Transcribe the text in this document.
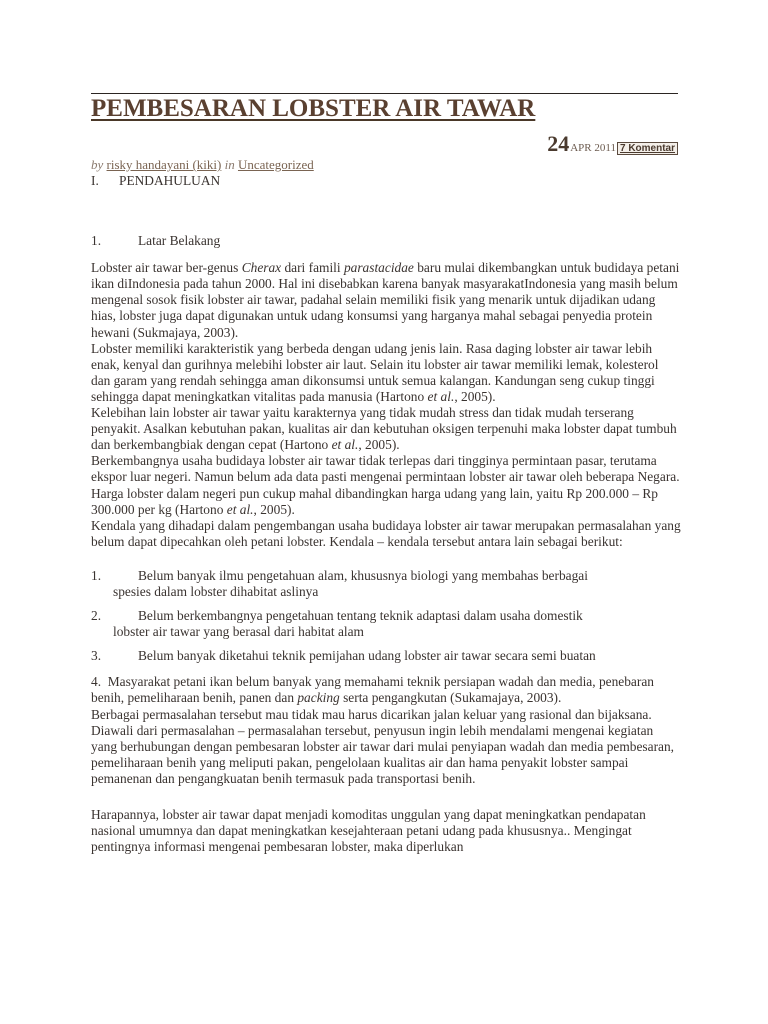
PEMBESARAN LOBSTER AIR TAWAR
24 APR 2011 7 Komentar
by risky handayani (kiki) in Uncategorized
I.	PENDAHULUAN
1.	Latar Belakang

Lobster air tawar ber-genus Cherax dari famili parastacidae baru mulai dikembangkan untuk budidaya petani ikan diIndonesia pada tahun 2000. Hal ini disebabkan karena banyak masyarakatIndonesia yang masih belum mengenal sosok fisik lobster air tawar, padahal selain memiliki fisik yang menarik untuk dijadikan udang hias, lobster juga dapat digunakan untuk udang konsumsi yang harganya mahal sebagai penyedia protein hewani (Sukmajaya, 2003).

Lobster memiliki karakteristik yang berbeda dengan udang jenis lain. Rasa daging lobster air tawar lebih enak, kenyal dan gurihnya melebihi lobster air laut. Selain itu lobster air tawar memiliki lemak, kolesterol dan garam yang rendah sehingga aman dikonsumsi untuk semua kalangan. Kandungan seng cukup tinggi sehingga dapat meningkatkan vitalitas pada manusia (Hartono et al., 2005).

Kelebihan lain lobster air tawar yaitu karakternya yang tidak mudah stress dan tidak mudah terserang penyakit. Asalkan kebutuhan pakan, kualitas air dan kebutuhan oksigen terpenuhi maka lobster dapat tumbuh dan berkembangbiak dengan cepat (Hartono et al., 2005).

Berkembangnya usaha budidaya lobster air tawar tidak terlepas dari tingginya permintaan pasar, terutama ekspor luar negeri. Namun belum ada data pasti mengenai permintaan lobster air tawar oleh beberapa Negara. Harga lobster dalam negeri pun cukup mahal dibandingkan harga udang yang lain, yaitu Rp 200.000 – Rp 300.000 per kg (Hartono et al., 2005).

Kendala yang dihadapi dalam pengembangan usaha budidaya lobster air tawar merupakan permasalahan yang belum dapat dipecahkan oleh petani lobster. Kendala – kendala tersebut antara lain sebagai berikut:

1.	Belum banyak ilmu pengetahuan alam, khususnya biologi yang membahas berbagai

spesies dalam lobster dihabitat aslinya

2.	Belum berkembangnya pengetahuan tentang teknik adaptasi dalam usaha domestik

lobster air tawar yang berasal dari habitat alam

3.	Belum banyak diketahui teknik pemijahan udang lobster air tawar secara semi buatan

4. Masyarakat petani ikan belum banyak yang memahami teknik persiapan wadah dan media, penebaran benih, pemeliharaan benih, panen dan packing serta pengangkutan (Sukamajaya, 2003).

Berbagai permasalahan tersebut mau tidak mau harus dicarikan jalan keluar yang rasional dan bijaksana. Diawali dari permasalahan – permasalahan tersebut, penyusun ingin lebih mendalami mengenai kegiatan yang berhubungan dengan pembesaran lobster air tawar dari mulai penyiapan wadah dan media pembesaran, pemeliharaan benih yang meliputi pakan, pengelolaan kualitas air dan hama penyakit lobster sampai pemanenan dan pengangkuatan benih termasuk pada transportasi benih.

Harapannya, lobster air tawar dapat menjadi komoditas unggulan yang dapat meningkatkan pendapatan nasional umumnya dan dapat meningkatkan kesejahteraan petani udang pada khususnya.. Mengingat pentingnya informasi mengenai pembesaran lobster, maka diperlukan
